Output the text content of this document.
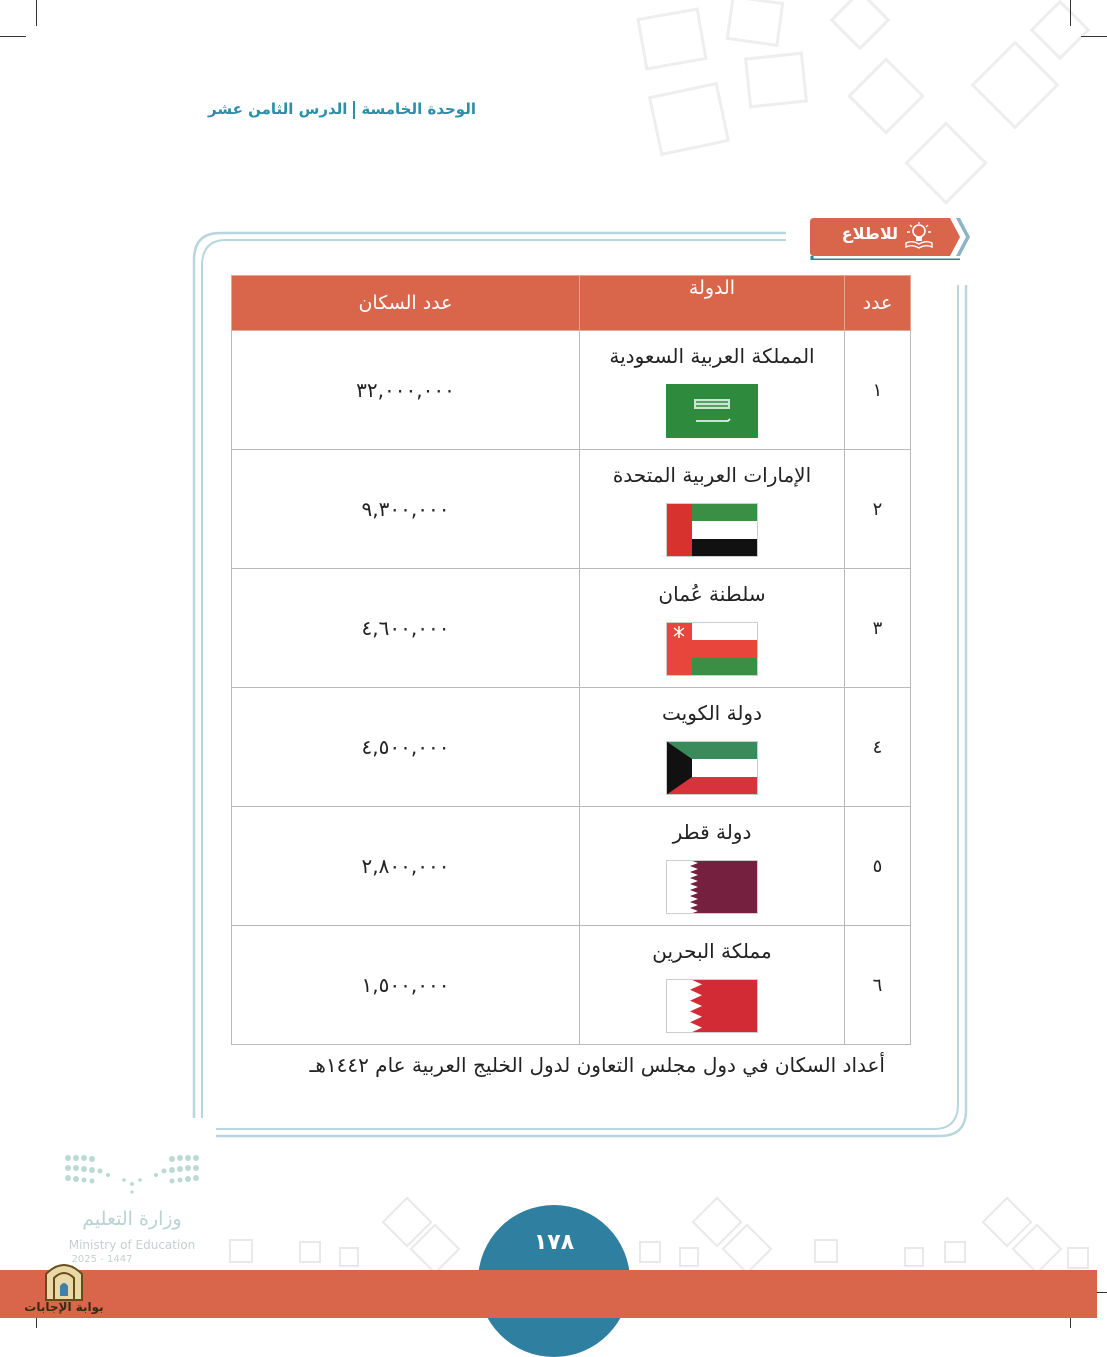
الوحدة الخامسةالدرس الثامن عشر
للاطلاع
عدد	الدولة	عدد السكان
١	المملكة العربية السعودية	٣٢,٠٠٠,٠٠٠
٢	الإمارات العربية المتحدة	٩,٣٠٠,٠٠٠
٣	سلطنة عُمان	٤,٦٠٠,٠٠٠
٤	دولة الكويت	٤,٥٠٠,٠٠٠
٥	دولة قطر	٢,٨٠٠,٠٠٠
٦	مملكة البحرين	١,٥٠٠,٠٠٠
أعداد السكان في دول مجلس التعاون لدول الخليج العربية عام ١٤٤٢هـ
وزارة التعليم
Ministry of Education
2025 - 1447
١٧٨
بوابة الإجابات
